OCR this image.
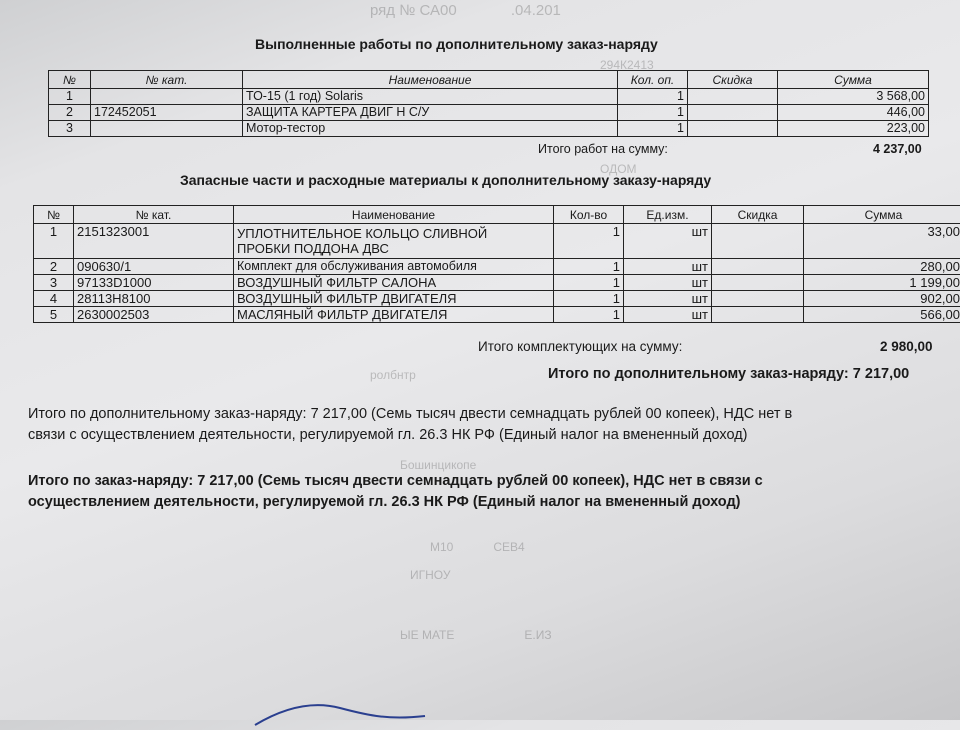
ряд № СА00             .04.201
294К2413
ОДОМ
ролбнтр
Бошинцикопе
М10            СЕВ4
ИГНОУ
ЫЕ МАТЕ                     Е.ИЗ
Выполненные работы по дополнительному заказ-наряду
№	№ кат.	Наименование	Кол. оп.	Скидка	Сумма
1		ТО-15 (1 год) Solaris	1		3 568,00
2	172452051	ЗАЩИТА КАРТЕРА ДВИГ Н С/У	1		446,00
3		Мотор-тестор	1		223,00
Итого работ на сумму:	4 237,00
Запасные части и расходные материалы к дополнительному заказу-наряду
№	№ кат.	Наименование	Кол-во	Ед.изм.	Скидка	Сумма
1	2151323001	УПЛОТНИТЕЛЬНОЕ КОЛЬЦО СЛИВНОЙ
ПРОБКИ ПОДДОНА ДВС	1	шт		33,00
2	090630/1	Комплект для обслуживания автомобиля	1	шт		280,00
3	97133D1000	ВОЗДУШНЫЙ ФИЛЬТР САЛОНА	1	шт		1 199,00
4	28113H8100	ВОЗДУШНЫЙ ФИЛЬТР ДВИГАТЕЛЯ	1	шт		902,00
5	2630002503	МАСЛЯНЫЙ ФИЛЬТР ДВИГАТЕЛЯ	1	шт		566,00
Итого комплектующих на сумму:	2 980,00
Итого по дополнительному заказ-наряду: 7 217,00
Итого по дополнительному заказ-наряду: 7 217,00 (Семь тысяч двести семнадцать рублей 00 копеек), НДС нет в
связи с осуществлением деятельности, регулируемой гл. 26.3 НК РФ (Единый налог на вмененный доход)
Итого по заказ-наряду: 7 217,00 (Семь тысяч двести семнадцать рублей 00 копеек), НДС нет в связи с
осуществлением деятельности, регулируемой гл. 26.3 НК РФ (Единый налог на вмененный доход)
